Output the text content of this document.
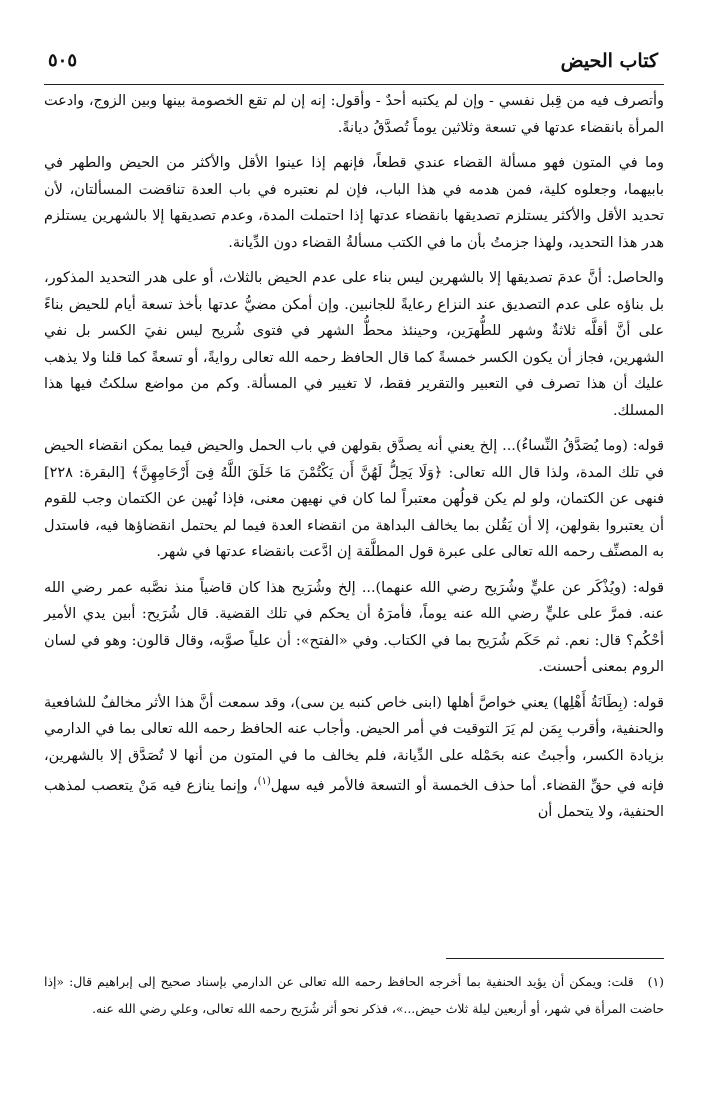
كتاب الحيض
٥٠٥

وأتصرف فيه من قِبل نفسي - وإن لم يكتبه أحدٌ - وأقول: إنه إن لم تقع الخصومة بينها وبين الزوج، وادعت المرأة بانقضاء عدتها في تسعة وثلاثين يوماً تُصدَّقُ ديانةً.

وما في المتون فهو مسألة القضاء عندي قطعاً، فإنهم إذا عينوا الأقل والأكثر من الحيض والطهر في بابيهما، وجعلوه كلية، فمن هدمه في هذا الباب، فإن لم نعتبره في باب العدة تناقضت المسألتان، لأن تحديد الأقل والأكثر يستلزم تصديقها بانقضاء عدتها إذا احتملت المدة، وعدم تصديقها إلا بالشهرين يستلزم هدر هذا التحديد، ولهذا جزمتُ بأن ما في الكتب مسألةُ القضاء دون الدِّيانة.

والحاصل: أنَّ عدمَ تصديقها إلا بالشهرين ليس بناء على عدم الحيض بالثلاث، أو على هدر التحديد المذكور، بل بناؤه على عدم التصديق عند النزاع رعايةً للجانبين. وإن أمكن مضيُّ عدتها بأخذ تسعة أيام للحيض بناءً على أنَّ أقلَّه ثلاثةٌ وشهر للطُّهرَين، وحينئذ محطُّ الشهر في فتوى شُريح ليس نفيَ الكسر بل نفي الشهرين، فجاز أن يكون الكسر خمسةً كما قال الحافظ رحمه الله تعالى روايةً، أو تسعةً كما قلنا ولا يذهب عليك أن هذا تصرف في التعبير والتقرير فقط، لا تغيير في المسألة. وكم من مواضع سلكتُ فيها هذا المسلك.

قوله: (وما يُصَدَّقُ النِّساءُ)... إلخ يعني أنه يصدَّق بقولهن في باب الحمل والحيض فيما يمكن انقضاء الحيض في تلك المدة، ولذا قال الله تعالى: ﴿وَلَا يَحِلُّ لَهُنَّ أَن يَكْتُمْنَ مَا خَلَقَ اللَّهُ فِىٓ أَرْحَامِهِنَّ﴾ [البقرة: ٢٢٨] فنهى عن الكتمان، ولو لم يكن قولُهن معتبراً لما كان في نهيهن معنى، فإذا نُهين عن الكتمان وجب للقوم أن يعتبروا بقولهن، إلا أن يَقُلن بما يخالف البداهة من انقضاء العدة فيما لم يحتمل انقضاؤها فيه، فاستدل به المصنِّف رحمه الله تعالى على عبرة قول المطلَّقة إن ادَّعت بانقضاء عدتها في شهر.

قوله: (ويُذْكَر عن عليٍّ وشُرَيح رضي الله عنهما)... إلخ وشُرَيح هذا كان قاضياً منذ نصَّبه عمر رضي الله عنه. فمرَّ على عليٍّ رضي الله عنه يوماً، فأمرَهُ أن يحكم في تلك القضية. قال شُرَيح: أبين يدي الأمير أحْكُم؟ قال: نعم. ثم حَكَم شُرَيح بما في الكتاب. وفي «الفتح»: أن علياً صوَّبه، وقال قالون: وهو في لسان الروم بمعنى أحسنت.

قوله: (بِطَانَةُ أَهْلِها) يعني خواصَّ أهلها (ابنى خاص كنبه ين سى)، وقد سمعت أنَّ هذا الأثر مخالفٌ للشافعية والحنفية، وأقرب بِمَن لم يَرَ التوقيت في أمر الحيض. وأجاب عنه الحافظ رحمه الله تعالى بما في الدارمي بزيادة الكسر، وأجبتُ عنه بحَمْله على الدِّيانة، فلم يخالف ما في المتون من أنها لا تُصَدَّق إلا بالشهرين، فإنه في حقِّ القضاء. أما حذف الخمسة أو التسعة فالأمر فيه سهل$^{(١)}$، وإنما ينازع فيه مَنْ يتعصب لمذهب الحنفية، ولا يتحمل أن

(١)قلت: ويمكن أن يؤيد الحنفية بما أخرجه الحافظ رحمه الله تعالى عن الدارمي بإسناد صحيح إلى إبراهيم قال: «إذا حاضت المرأة في شهر، أو أربعين ليلة ثلاث حيض...»، فذكر نحو أثر شُرَيح رحمه الله تعالى، وعلي رضي الله عنه.
